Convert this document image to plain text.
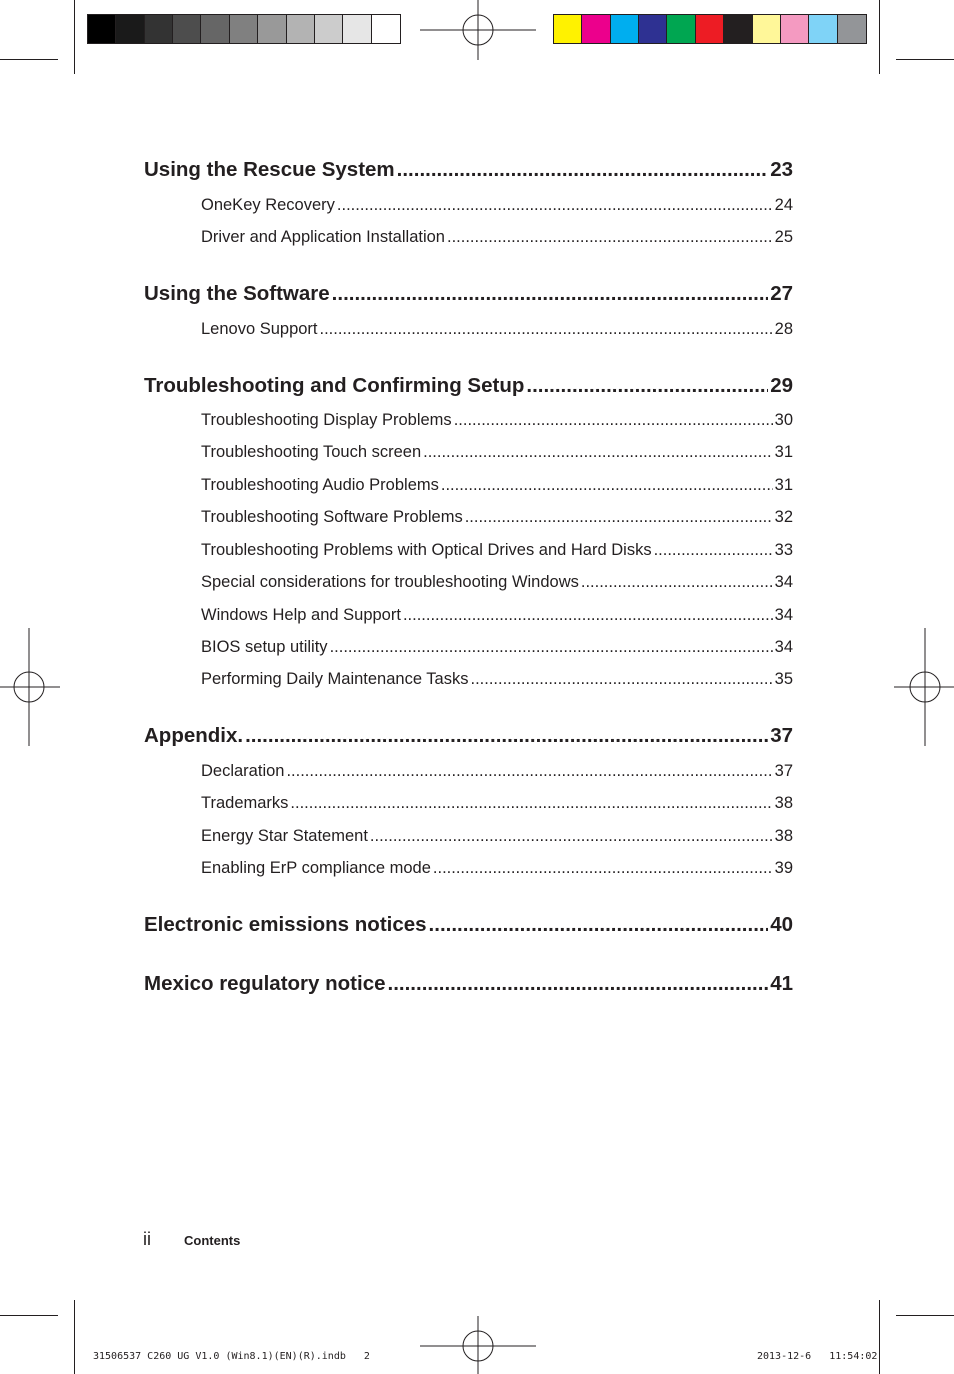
Using the Rescue System .....	23
OneKey Recovery .....	24
Driver and Application Installation .....	25
Using the Software .....	27
Lenovo Support .....	28
Troubleshooting and Confirming Setup .....	29
Troubleshooting Display Problems .....	30
Troubleshooting Touch screen .....	31
Troubleshooting Audio Problems .....	31
Troubleshooting Software Problems .....	32
Troubleshooting Problems with Optical Drives and Hard Disks .....	33
Special considerations for troubleshooting Windows .....	34
Windows Help and Support .....	34
BIOS setup utility .....	34
Performing Daily Maintenance Tasks .....	35
Appendix. .....	37
Declaration .....	37
Trademarks .....	38
Energy Star Statement .....	38
Enabling ErP compliance mode .....	39
Electronic emissions notices .....	40
Mexico regulatory notice .....	41
ii	Contents
31506537 C260 UG V1.0 (Win8.1)(EN)(R).indb   2	2013-12-6   11:54:02
